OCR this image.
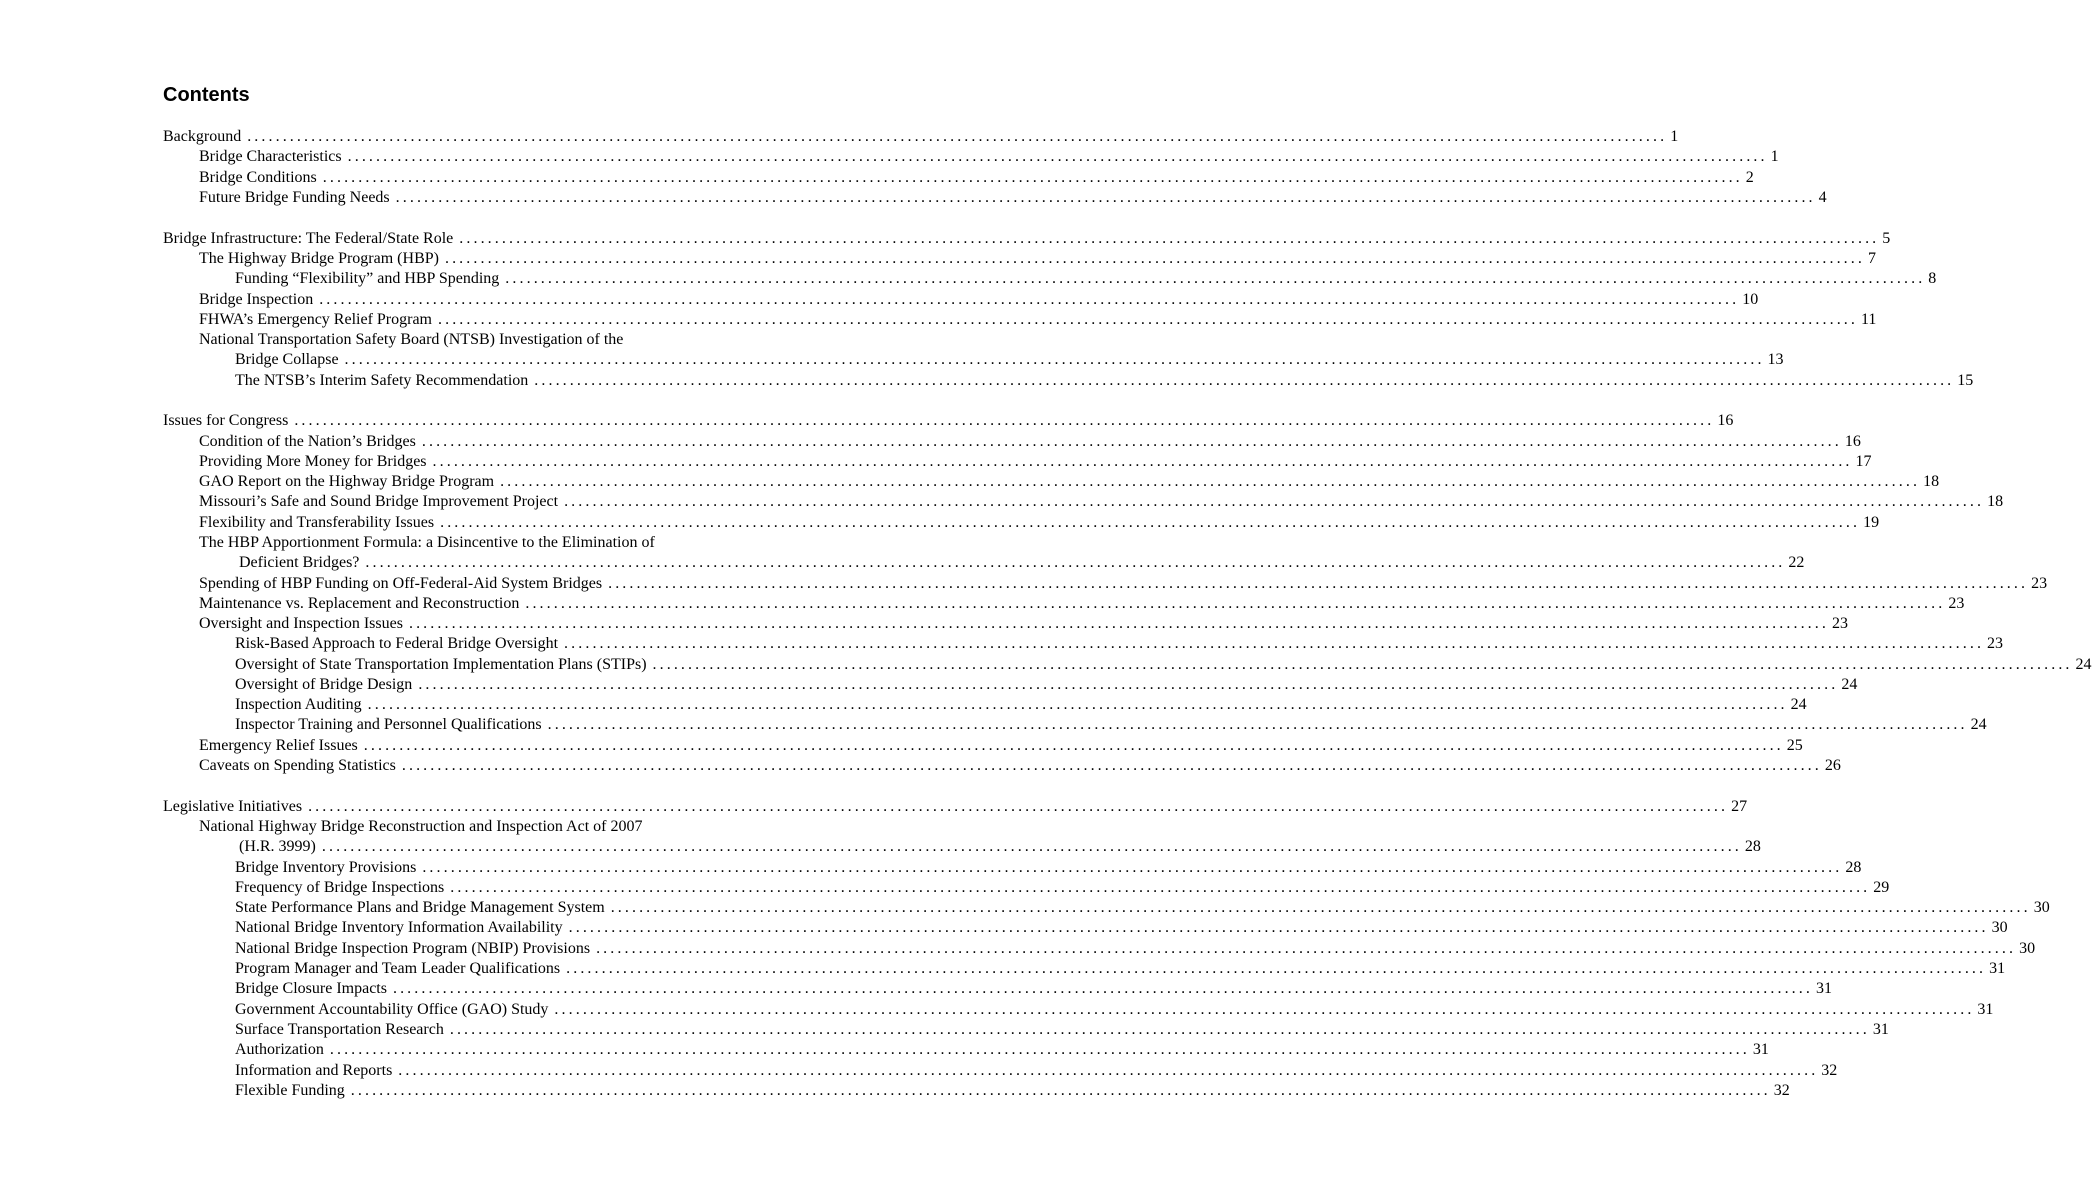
Contents
Background ........................................................................................................................................................................................................ 1
Bridge Characteristics ........................................................................................................................................................................................................ 1
Bridge Conditions ........................................................................................................................................................................................................ 2
Future Bridge Funding Needs ........................................................................................................................................................................................................ 4
Bridge Infrastructure: The Federal/State Role ........................................................................................................................................................................................................ 5
The Highway Bridge Program (HBP) ........................................................................................................................................................................................................ 7
Funding “Flexibility” and HBP Spending ........................................................................................................................................................................................................ 8
Bridge Inspection ........................................................................................................................................................................................................ 10
FHWA’s Emergency Relief Program ........................................................................................................................................................................................................ 11
National Transportation Safety Board (NTSB) Investigation of the
Bridge Collapse ........................................................................................................................................................................................................ 13
The NTSB’s Interim Safety Recommendation ........................................................................................................................................................................................................ 15
Issues for Congress ........................................................................................................................................................................................................ 16
Condition of the Nation’s Bridges ........................................................................................................................................................................................................ 16
Providing More Money for Bridges ........................................................................................................................................................................................................ 17
GAO Report on the Highway Bridge Program ........................................................................................................................................................................................................ 18
Missouri’s Safe and Sound Bridge Improvement Project ........................................................................................................................................................................................................ 18
Flexibility and Transferability Issues ........................................................................................................................................................................................................ 19
The HBP Apportionment Formula: a Disincentive to the Elimination of
Deficient Bridges? ........................................................................................................................................................................................................ 22
Spending of HBP Funding on Off-Federal-Aid System Bridges ........................................................................................................................................................................................................ 23
Maintenance vs. Replacement and Reconstruction ........................................................................................................................................................................................................ 23
Oversight and Inspection Issues ........................................................................................................................................................................................................ 23
Risk-Based Approach to Federal Bridge Oversight ........................................................................................................................................................................................................ 23
Oversight of State Transportation Implementation Plans (STIPs) ........................................................................................................................................................................................................ 24
Oversight of Bridge Design ........................................................................................................................................................................................................ 24
Inspection Auditing ........................................................................................................................................................................................................ 24
Inspector Training and Personnel Qualifications ........................................................................................................................................................................................................ 24
Emergency Relief Issues ........................................................................................................................................................................................................ 25
Caveats on Spending Statistics ........................................................................................................................................................................................................ 26
Legislative Initiatives ........................................................................................................................................................................................................ 27
National Highway Bridge Reconstruction and Inspection Act of 2007
(H.R. 3999) ........................................................................................................................................................................................................ 28
Bridge Inventory Provisions ........................................................................................................................................................................................................ 28
Frequency of Bridge Inspections ........................................................................................................................................................................................................ 29
State Performance Plans and Bridge Management System ........................................................................................................................................................................................................ 30
National Bridge Inventory Information Availability ........................................................................................................................................................................................................ 30
National Bridge Inspection Program (NBIP) Provisions ........................................................................................................................................................................................................ 30
Program Manager and Team Leader Qualifications ........................................................................................................................................................................................................ 31
Bridge Closure Impacts ........................................................................................................................................................................................................ 31
Government Accountability Office (GAO) Study ........................................................................................................................................................................................................ 31
Surface Transportation Research ........................................................................................................................................................................................................ 31
Authorization ........................................................................................................................................................................................................ 31
Information and Reports ........................................................................................................................................................................................................ 32
Flexible Funding ........................................................................................................................................................................................................ 32
